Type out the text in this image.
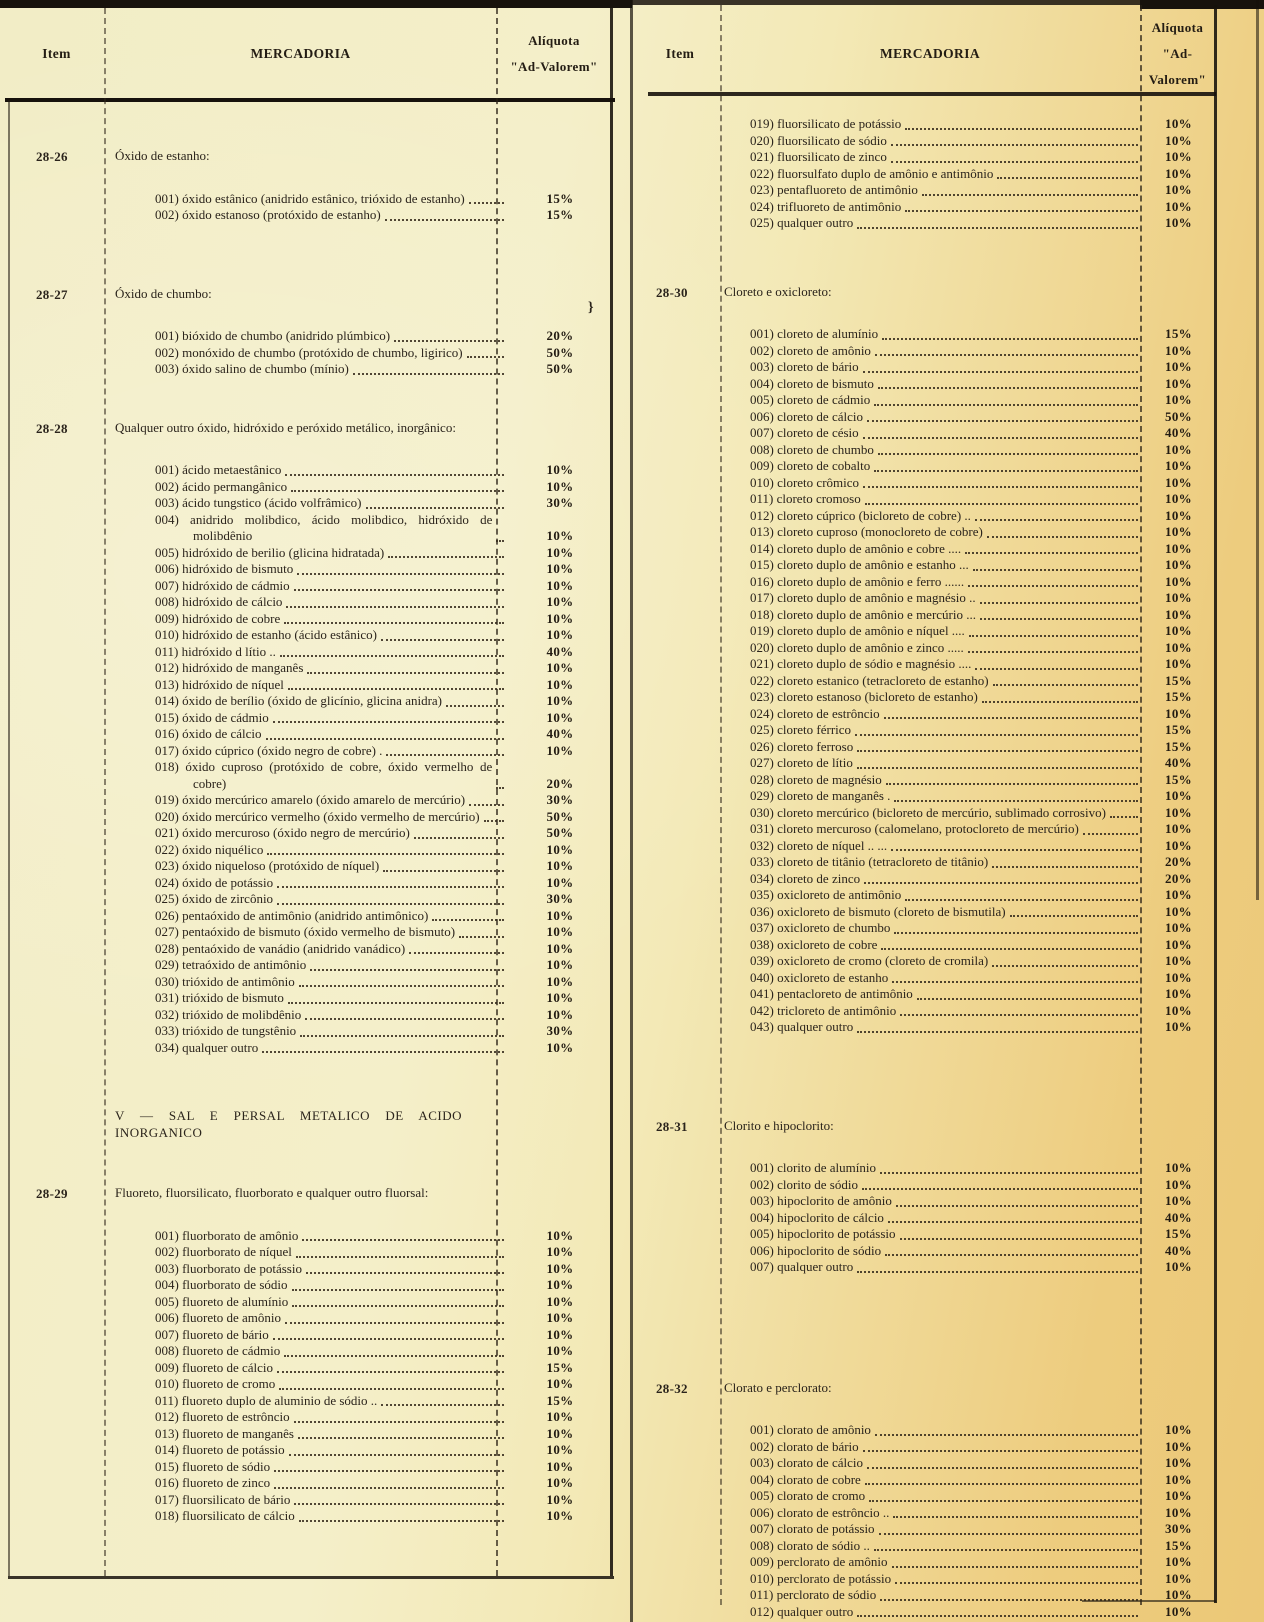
Item	MERCADORIA
Alíquota
"Ad-Valorem"
28-26	Óxido de estanho:
001) óxido estânico (anidrido estânico, trióxido de estanho)	15%
002) óxido estanoso (protóxido de estanho)	15%
28-27	Óxido de chumbo:
001) bióxido de chumbo (anidrido plúmbico)	20%
002) monóxido de chumbo (protóxido de chumbo, ligirico)	50%
003) óxido salino de chumbo (mínio)	50%
28-28	Qualquer outro óxido, hidróxido e peróxido metálico, inorgânico:
001) ácido metaestânico	10%
002) ácido permangânico	10%
003) ácido tungstico (ácido volfrâmico)	30%
004) anidrido molibdico, ácido molibdico, hidróxido de molibdênio	10%
005) hidróxido de berilio (glicina hidratada)	10%
006) hidróxido de bismuto	10%
007) hidróxido de cádmio	10%
008) hidróxido de cálcio	10%
009) hidróxido de cobre	10%
010) hidróxido de estanho (ácido estânico)	10%
011) hidróxido d lítio ..	40%
012) hidróxido de manganês	10%
013) hidróxido de níquel	10%
014) óxido de berílio (óxido de glicínio, glicina anidra)	10%
015) óxido de cádmio	10%
016) óxido de cálcio	40%
017) óxido cúprico (óxido negro de cobre) .	10%
018) óxido cuproso (protóxido de cobre, óxido vermelho de cobre)	20%
019) óxido mercúrico amarelo (óxido amarelo de mercúrio)	30%
020) óxido mercúrico vermelho (óxido vermelho de mercúrio)	50%
021) óxido mercuroso (óxido negro de mercúrio)	50%
022) óxido niquélico	10%
023) óxido niqueloso (protóxido de níquel)	10%
024) óxido de potássio	10%
025) óxido de zircônio	30%
026) pentaóxido de antimônio (anidrido antimônico)	10%
027) pentaóxido de bismuto (óxido vermelho de bismuto)	10%
028) pentaóxido de vanádio (anidrido vanádico)	10%
029) tetraóxido de antimônio	10%
030) trióxido de antimônio	10%
031) trióxido de bismuto	10%
032) trióxido de molibdênio	10%
033) trióxido de tungstênio	30%
034) qualquer outro	10%
V — SAL E PERSAL METALICO DE ACIDO INORGANICO
28-29	Fluoreto, fluorsilicato, fluorborato e qualquer outro fluorsal:
001) fluorborato de amônio	10%
002) fluorborato de níquel	10%
003) fluorborato de potássio	10%
004) fluorborato de sódio	10%
005) fluoreto de alumínio	10%
006) fluoreto de amônio	10%
007) fluoreto de bário	10%
008) fluoreto de cádmio	10%
009) fluoreto de cálcio	15%
010) fluoreto de cromo	10%
011) fluoreto duplo de aluminio de sódio ..	15%
012) fluoreto de estrôncio	10%
013) fluoreto de manganês	10%
014) fluoreto de potássio	10%
015) fluoreto de sódio	10%
016) fluoreto de zinco	10%
017) fluorsilicato de bário	10%
018) fluorsilicato de cálcio	10%
Item	MERCADORIA
Alíquota
"Ad-Valorem"
019) fluorsilicato de potássio	10%
020) fluorsilicato de sódio	10%
021) fluorsilicato de zinco	10%
022) fluorsulfato duplo de amônio e antimônio	10%
023) pentafluoreto de antimônio	10%
024) trifluoreto de antimônio	10%
025) qualquer outro	10%
28-30	Cloreto e oxicloreto:
001) cloreto de alumínio	15%
002) cloreto de amônio	10%
003) cloreto de bário	10%
004) cloreto de bismuto	10%
005) cloreto de cádmio	10%
006) cloreto de cálcio	50%
007) cloreto de césio	40%
008) cloreto de chumbo	10%
009) cloreto de cobalto	10%
010) cloreto crômico	10%
011) cloreto cromoso	10%
012) cloreto cúprico (bicloreto de cobre) ..	10%
013) cloreto cuproso (monocloreto de cobre)	10%
014) cloreto duplo de amônio e cobre ....	10%
015) cloreto duplo de amônio e estanho ...	10%
016) cloreto duplo de amônio e ferro ......	10%
017) cloreto duplo de amônio e magnésio ..	10%
018) cloreto duplo de amônio e mercúrio ...	10%
019) cloreto duplo de amônio e níquel ....	10%
020) cloreto duplo de amônio e zinco .....	10%
021) cloreto duplo de sódio e magnésio ....	10%
022) cloreto estanico (tetracloreto de estanho)	15%
023) cloreto estanoso (bicloreto de estanho)	15%
024) cloreto de estrôncio	10%
025) cloreto férrico	15%
026) cloreto ferroso	15%
027) cloreto de lítio	40%
028) cloreto de magnésio	15%
029) cloreto de manganês .	10%
030) cloreto mercúrico (bicloreto de mercúrio, sublimado corrosivo)	10%
031) cloreto mercuroso (calomelano, protocloreto de mercúrio)	10%
032) cloreto de níquel .. ...	10%
033) cloreto de titânio (tetracloreto de titânio)	20%
034) cloreto de zinco	20%
035) oxicloreto de antimônio	10%
036) oxicloreto de bismuto (cloreto de bismutila)	10%
037) oxicloreto de chumbo	10%
038) oxicloreto de cobre	10%
039) oxicloreto de cromo (cloreto de cromila)	10%
040) oxicloreto de estanho	10%
041) pentacloreto de antimônio	10%
042) tricloreto de antimônio	10%
043) qualquer outro	10%
28-31	Clorito e hipoclorito:
001) clorito de alumínio	10%
002) clorito de sódio	10%
003) hipoclorito de amônio	10%
004) hipoclorito de cálcio	40%
005) hipoclorito de potássio	15%
006) hipoclorito de sódio	40%
007) qualquer outro	10%
28-32	Clorato e perclorato:
001) clorato de amônio	10%
002) clorato de bário	10%
003) clorato de cálcio	10%
004) clorato de cobre	10%
005) clorato de cromo	10%
006) clorato de estrôncio ..	10%
007) clorato de potássio	30%
008) clorato de sódio ..	15%
009) perclorato de amônio	10%
010) perclorato de potássio	10%
011) perclorato de sódio	10%
012) qualquer outro	10%
}
